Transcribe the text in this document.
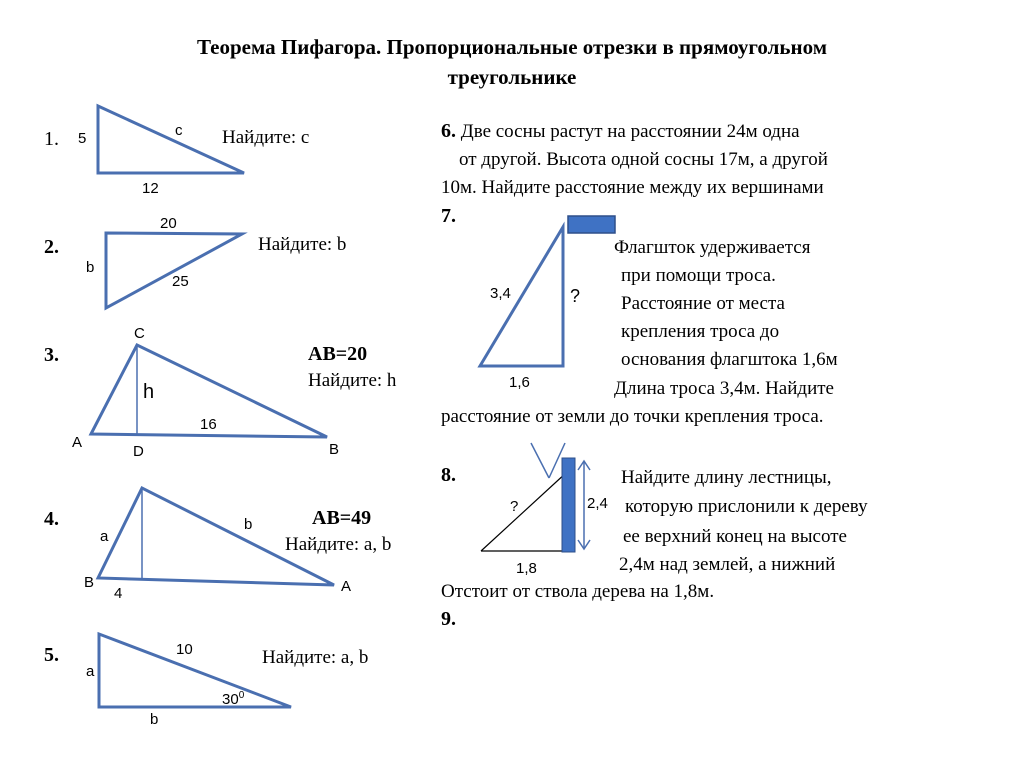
Теорема Пифагора. Пропорциональные отрезки в прямоугольном
треугольнике
1. 5	с
12
Найдите: с
2.
20
b
25
Найдите: b
3.
С
h
16
А
D	В
АВ=20
Найдите: h
4.
а
b
В
4	А
АВ=49
Найдите: а, b
5.	10
а
$30^0$
b
Найдите: а, b
6. Две сосны растут на расстоянии 24м одна
от другой. Высота одной сосны 17м, а другой
10м. Найдите расстояние между их вершинами
7.
3,4	?
1,6
Флагшток удерживается
при помощи троса.
Расстояние от места
крепления троса до
основания флагштока 1,6м
Длина троса 3,4м. Найдите
расстояние от земли до точки крепления троса.
8.
?	2,4
1,8
Найдите длину лестницы,
которую прислонили к дереву
ее верхний конец на высоте
2,4м над землей, а нижний
Отстоит от ствола дерева на 1,8м.
9.
